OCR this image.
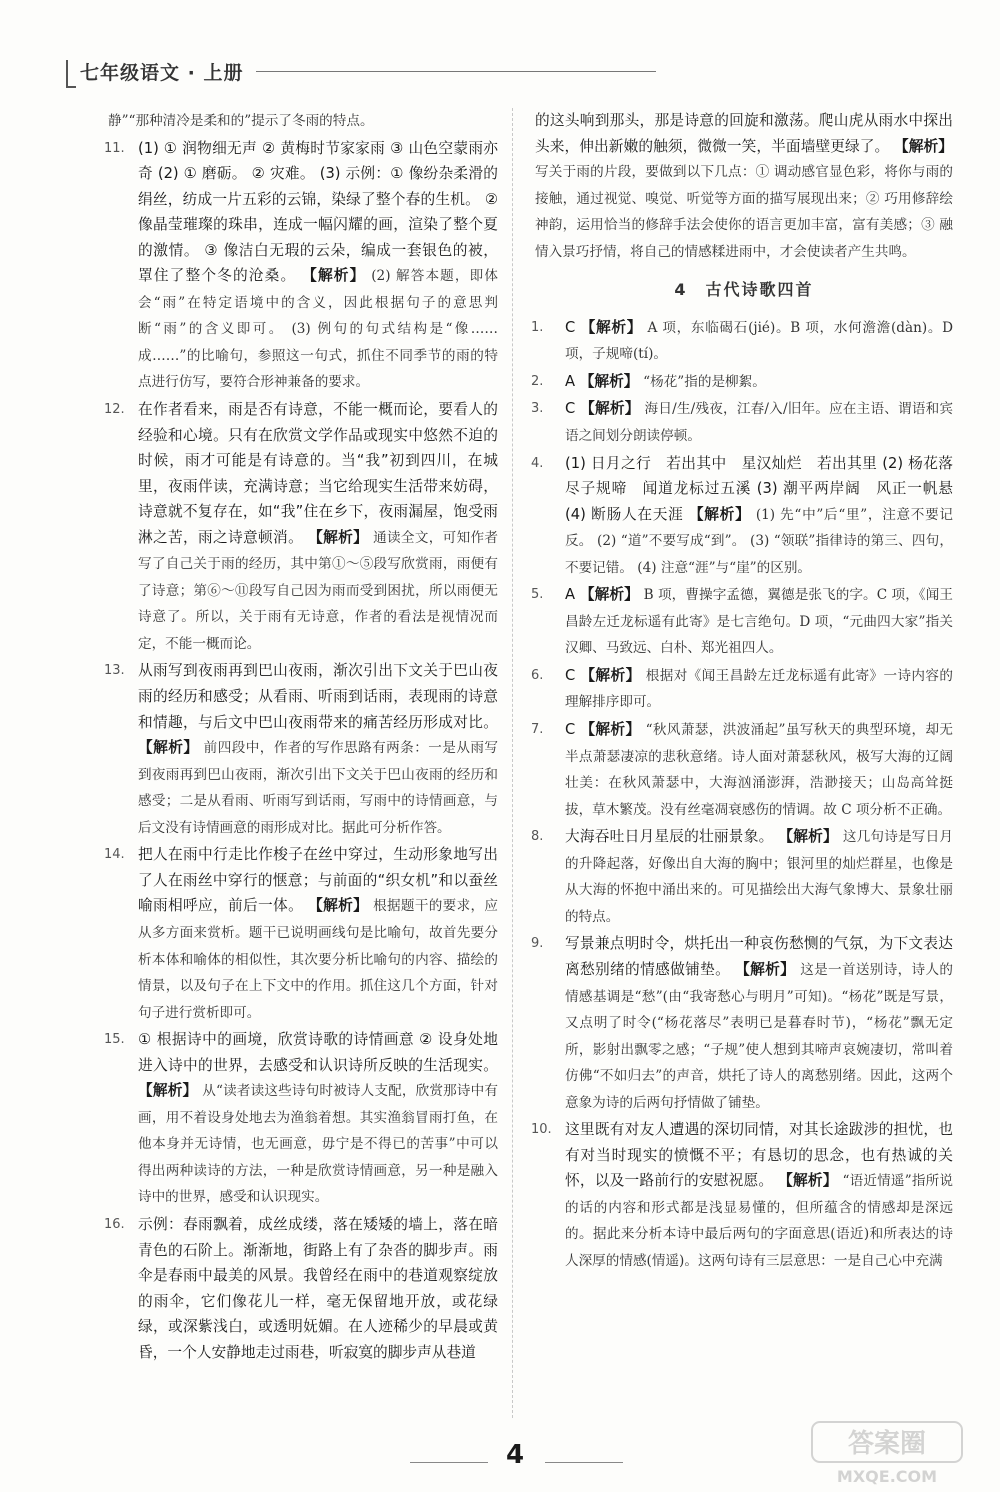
七年级语文 · 上册
静”“那种清冷是柔和的”提示了冬雨的特点。
11. (1) ① 润物细无声 ② 黄梅时节家家雨 ③ 山色空蒙雨亦奇 (2) ① 磨砺。 ② 灾难。 (3) 示例：① 像纷杂柔滑的绢丝，纺成一片五彩的云锦，染绿了整个春的生机。 ② 像晶莹璀璨的珠串，连成一幅闪耀的画，渲染了整个夏的激情。 ③ 像洁白无瑕的云朵，编成一套银色的被，罩住了整个冬的沧桑。 【解析】 (2) 解答本题，即体会“雨”在特定语境中的含义，因此根据句子的意思判断“雨”的含义即可。 (3) 例句的句式结构是“像……成……”的比喻句，参照这一句式，抓住不同季节的雨的特点进行仿写，要符合形神兼备的要求。
12. 在作者看来，雨是否有诗意，不能一概而论，要看人的经验和心境。只有在欣赏文学作品或现实中悠然不迫的时候，雨才可能是有诗意的。当“我”初到四川，在城里，夜雨伴读，充满诗意；当它给现实生活带来妨碍，诗意就不复存在，如“我”住在乡下，夜雨漏屋，饱受雨淋之苦，雨之诗意顿消。 【解析】 通读全文，可知作者写了自己关于雨的经历，其中第①～⑤段写欣赏雨，雨便有了诗意；第⑥～⑪段写自己因为雨而受到困扰，所以雨便无诗意了。所以，关于雨有无诗意，作者的看法是视情况而定，不能一概而论。
13. 从雨写到夜雨再到巴山夜雨，渐次引出下文关于巴山夜雨的经历和感受；从看雨、听雨到话雨，表现雨的诗意和情趣，与后文中巴山夜雨带来的痛苦经历形成对比。 【解析】 前四段中，作者的写作思路有两条：一是从雨写到夜雨再到巴山夜雨，渐次引出下文关于巴山夜雨的经历和感受；二是从看雨、听雨写到话雨，写雨中的诗情画意，与后文没有诗情画意的雨形成对比。据此可分析作答。
14. 把人在雨中行走比作梭子在丝中穿过，生动形象地写出了人在雨丝中穿行的惬意；与前面的“织女机”和以蚕丝喻雨相呼应，前后一体。 【解析】 根据题干的要求，应从多方面来赏析。题干已说明画线句是比喻句，故首先要分析本体和喻体的相似性，其次要分析比喻句的内容、描绘的情景，以及句子在上下文中的作用。抓住这几个方面，针对句子进行赏析即可。
15. ① 根据诗中的画境，欣赏诗歌的诗情画意 ② 设身处地进入诗中的世界，去感受和认识诗所反映的生活现实。 【解析】 从“读者读这些诗句时被诗人支配，欣赏那诗中有画，用不着设身处地去为渔翁着想。其实渔翁冒雨打鱼，在他本身并无诗情，也无画意，毋宁是不得已的苦事”中可以得出两种读诗的方法，一种是欣赏诗情画意，另一种是融入诗中的世界，感受和认识现实。
16. 示例：春雨飘着，成丝成缕，落在矮矮的墙上，落在暗青色的石阶上。渐渐地，街路上有了杂沓的脚步声。雨伞是春雨中最美的风景。我曾经在雨中的巷道观察绽放的雨伞，它们像花儿一样，毫无保留地开放，或花绿绿，或深紫浅白，或透明妩媚。在人迹稀少的早晨或黄昏，一个人安静地走过雨巷，听寂寞的脚步声从巷道
的这头响到那头，那是诗意的回旋和激荡。爬山虎从雨水中探出头来，伸出新嫩的触须，微微一笑，半面墙壁更绿了。 【解析】 写关于雨的片段，要做到以下几点：① 调动感官显色彩，将你与雨的接触，通过视觉、嗅觉、听觉等方面的描写展现出来；② 巧用修辞绘神韵，运用恰当的修辞手法会使你的语言更加丰富，富有美感；③ 融情入景巧抒情，将自己的情感糅进雨中，才会使读者产生共鸣。
4　古代诗歌四首
1. C 【解析】 A 项，东临碣石(jié)。B 项，水何澹澹(dàn)。D 项，子规啼(tí)。
2. A 【解析】 “杨花”指的是柳絮。
3. C 【解析】 海日/生/残夜，江春/入/旧年。应在主语、谓语和宾语之间划分朗读停顿。
4. (1) 日月之行　若出其中　星汉灿烂　若出其里 (2) 杨花落尽子规啼　闻道龙标过五溪 (3) 潮平两岸阔　风正一帆悬 (4) 断肠人在天涯 【解析】 (1) 先“中”后“里”，注意不要记反。 (2) “道”不要写成“到”。 (3) “领联”指律诗的第三、四句，不要记错。 (4) 注意“涯”与“崖”的区别。
5. A 【解析】 B 项，曹操字孟德，翼德是张飞的字。C 项，《闻王昌龄左迁龙标遥有此寄》是七言绝句。D 项，“元曲四大家”指关汉卿、马致远、白朴、郑光祖四人。
6. C 【解析】 根据对《闻王昌龄左迁龙标遥有此寄》一诗内容的理解排序即可。
7. C 【解析】 “秋风萧瑟，洪波涌起”虽写秋天的典型环境，却无半点萧瑟凄凉的悲秋意绪。诗人面对萧瑟秋风，极写大海的辽阔壮美：在秋风萧瑟中，大海汹涌澎湃，浩渺接天；山岛高耸挺拔，草木繁茂。没有丝毫凋衰感伤的情调。故 C 项分析不正确。
8. 大海吞吐日月星辰的壮丽景象。 【解析】 这几句诗是写日月的升降起落，好像出自大海的胸中；银河里的灿烂群星，也像是从大海的怀抱中涌出来的。可见描绘出大海气象博大、景象壮丽的特点。
9. 写景兼点明时令，烘托出一种哀伤愁恻的气氛，为下文表达离愁别绪的情感做铺垫。 【解析】 这是一首送别诗，诗人的情感基调是“愁”(由“我寄愁心与明月”可知)。“杨花”既是写景，又点明了时令(“杨花落尽”表明已是暮春时节)，“杨花”飘无定所，影射出飘零之感；“子规”使人想到其啼声哀婉凄切，常叫着仿佛“不如归去”的声音，烘托了诗人的离愁别绪。因此，这两个意象为诗的后两句抒情做了铺垫。
10. 这里既有对友人遭遇的深切同情，对其长途跋涉的担忧，也有对当时现实的愤慨不平；有恳切的思念，也有热诚的关怀，以及一路前行的安慰祝愿。 【解析】 “语近情遥”指所说的话的内容和形式都是浅显易懂的，但所蕴含的情感却是深远的。据此来分析本诗中最后两句的字面意思(语近)和所表达的诗人深厚的情感(情遥)。这两句诗有三层意思：一是自己心中充满
4	答案圈
MXQE.COM
